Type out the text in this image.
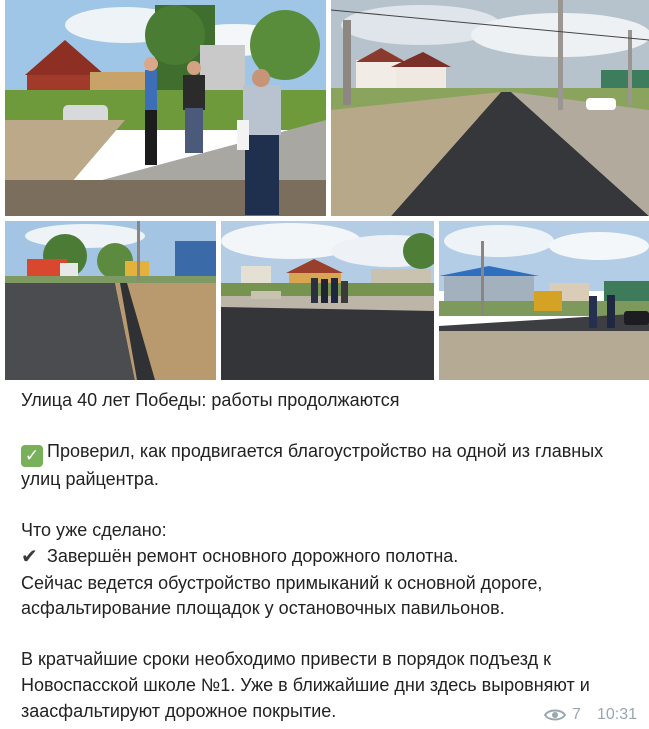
Улица 40 лет Победы: работы продолжаются

✓ Проверил, как продвигается благоустройство на одной из главных улиц райцентра.

Что уже сделано:

✔ Завершён ремонт основного дорожного полотна.

Сейчас ведется обустройство примыканий к основной дороге, асфальтирование площадок у остановочных павильонов.

В кратчайшие сроки необходимо привести в порядок подъезд к Новоспасской школе №1. Уже в ближайшие дни здесь выровняют и заасфальтируют дорожное покрытие.	7 10:31
